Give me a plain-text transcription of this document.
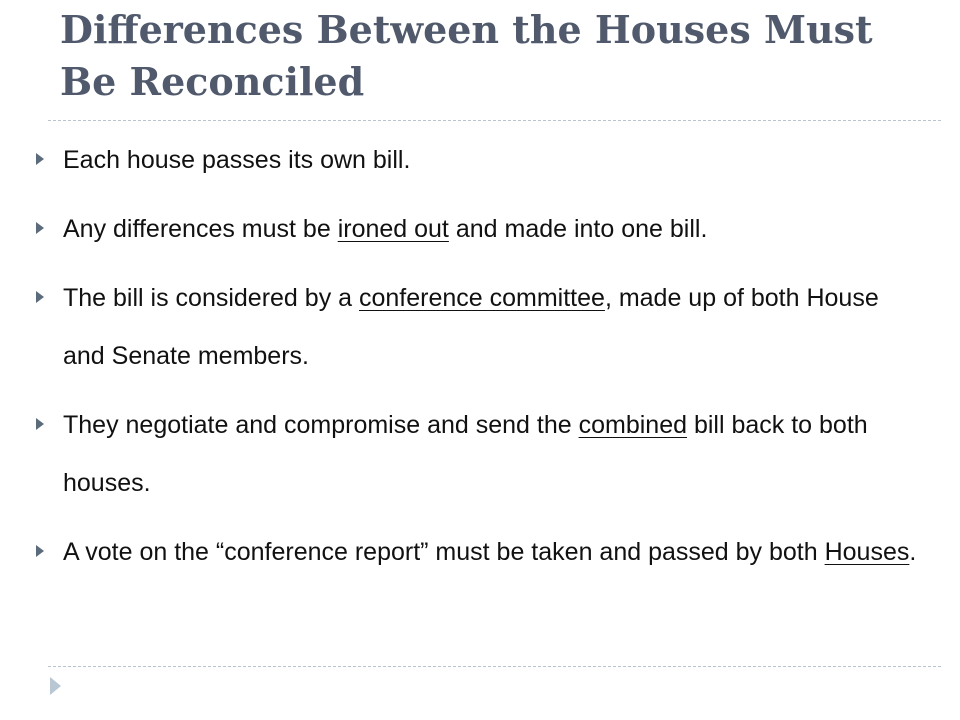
Differences Between the Houses Must Be Reconciled
Each house passes its own bill.
Any differences must be ironed out and made into one bill.
The bill is considered by a conference committee, made up of both House and Senate members.
They negotiate and compromise and send the combined bill back to both houses.
A vote on the “conference report” must be taken and passed by both Houses.
